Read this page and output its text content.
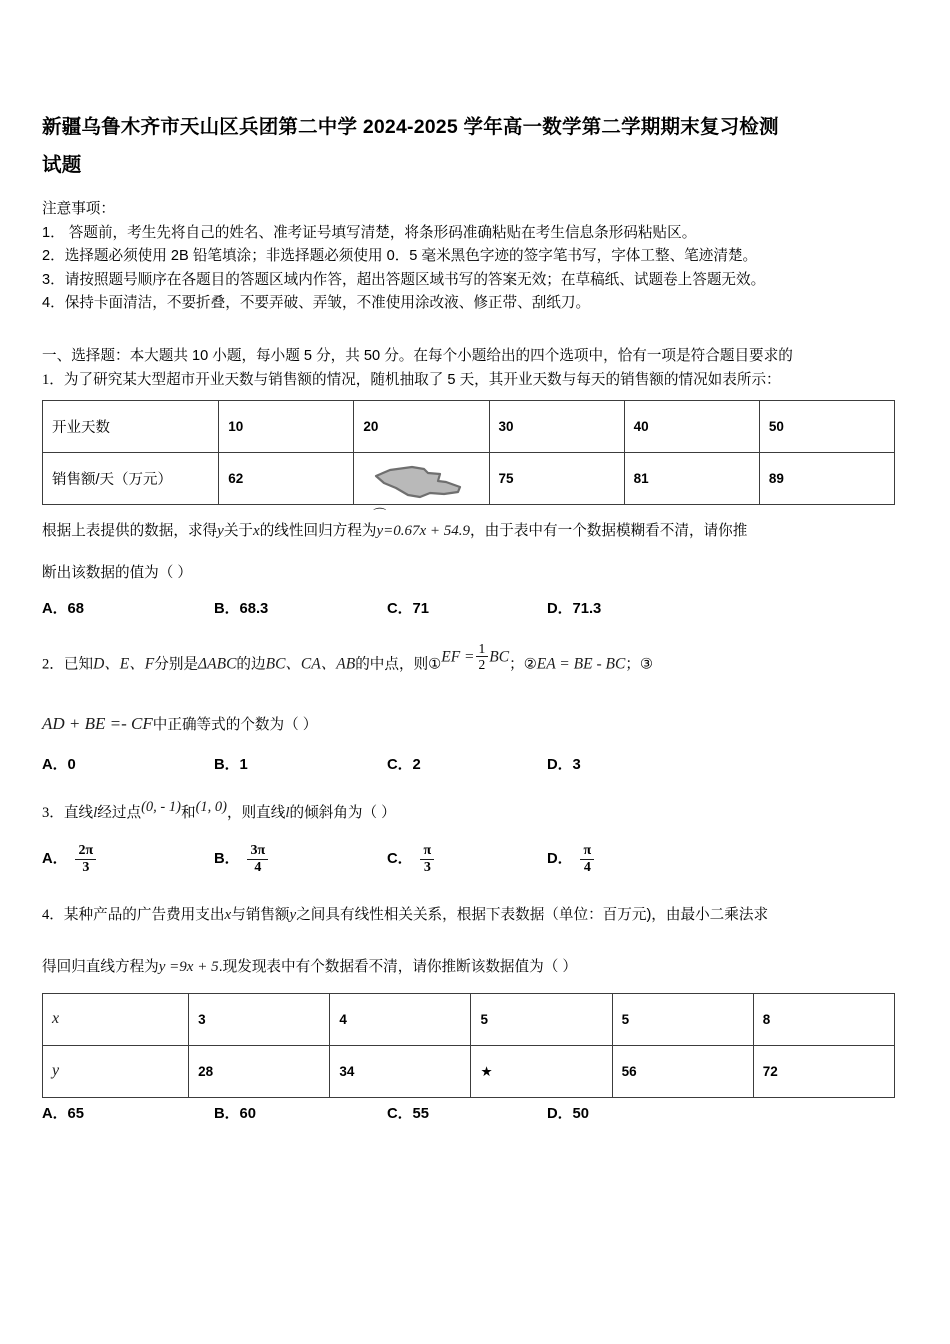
新疆乌鲁木齐市天山区兵团第二中学 2024-2025 学年高一数学第二学期期末复习检测
试题
注意事项：
1． 答题前，考生先将自己的姓名、准考证号填写清楚，将条形码准确粘贴在考生信息条形码粘贴区。
2．选择题必须使用 2B 铅笔填涂；非选择题必须使用 0．5 毫米黑色字迹的签字笔书写，字体工整、笔迹清楚。
3．请按照题号顺序在各题目的答题区域内作答，超出答题区域书写的答案无效；在草稿纸、试题卷上答题无效。
4．保持卡面清洁，不要折叠，不要弄破、弄皱，不准使用涂改液、修正带、刮纸刀。
一、选择题：本大题共 10 小题，每小题 5 分，共 50 分。在每个小题给出的四个选项中，恰有一项是符合题目要求的
1．为了研究某大型超市开业天数与销售额的情况，随机抽取了 5 天，其开业天数与每天的销售额的情况如表所示：
开业天数	10	20	30	40	50
销售额/天（万元）	62		75	81	89
根据上表提供的数据，求得y关于x的线性回归方程为
⌒
y=0.67x + 54.9，由于表中有一个数据模糊看不清，请你推
断出该数据的值为（ ）
A．68	B．68.3	C．71	D．71.3
2．已知D、E、F分别是ΔABC的边BC、CA、AB的中点，则①EF = $\frac{1}{2}$ BC；②EA = BE - BC；③
AD + BE =- CF中正确等式的个数为（ ）
A．0	B．1	C．2	D．3
3．直线l经过点(0, - 1)和(1, 0)，则直线l的倾斜角为（ ）
A． $\frac{2\pi}{3}$	B． $\frac{3\pi}{4}$	C． $\frac{\pi}{3}$	D． $\frac{\pi}{4}$
4．某种产品的广告费用支出x与销售额y之间具有线性相关关系，根据下表数据（单位：百万元)，由最小二乘法求
得回归直线方程为y =9x + 5.现发现表中有个数据看不清，请你推断该数据值为（ ）
x	3	4	5	5	8
y	28	34	★	56	72
A．65	B．60	C．55	D．50
